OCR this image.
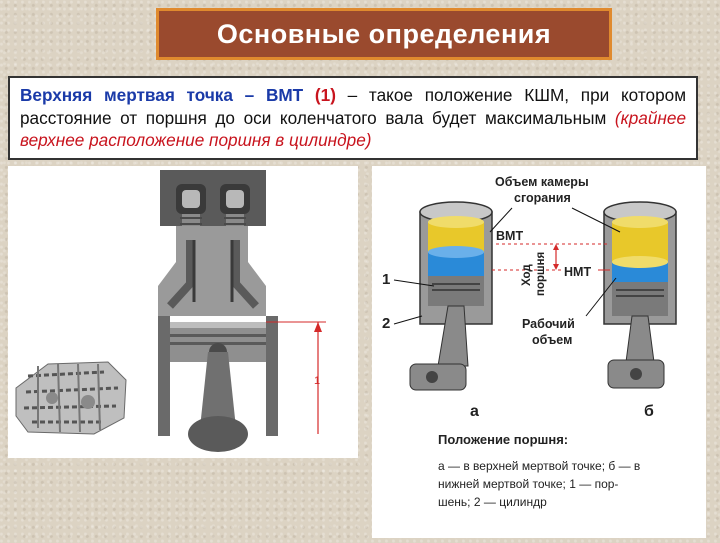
Основные определения
Верхняя мертвая точка – ВМТ (1) – такое положение КШМ, при котором расстояние от поршня до оси коленчатого вала будет максимальным (крайнее верхнее расположение поршня в цилиндре)
1
Объем камеры
сгорания
ВМТ
НМТ
Ход поршня
Рабочий
объем
1
2
а	б
Положение поршня:
а — в верхней мертвой точке; б — в
нижней мертвой точке; 1 — пор-
шень; 2 — цилиндр
